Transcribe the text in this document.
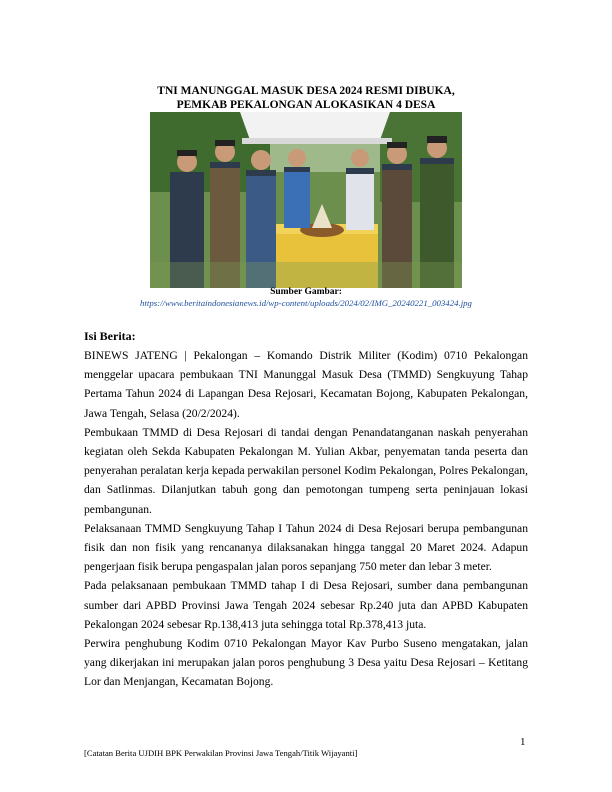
TNI MANUNGGAL MASUK DESA 2024 RESMI DIBUKA,
PEMKAB PEKALONGAN ALOKASIKAN 4 DESA
Sumber Gambar:
https://www.beritaindonesianews.id/wp-content/uploads/2024/02/IMG_20240221_003424.jpg
Isi Berita:

BINEWS JATENG | Pekalongan – Komando Distrik Militer (Kodim) 0710 Pekalongan menggelar upacara pembukaan TNI Manunggal Masuk Desa (TMMD) Sengkuyung Tahap Pertama Tahun 2024 di Lapangan Desa Rejosari, Kecamatan Bojong, Kabupaten Pekalongan, Jawa Tengah, Selasa (20/2/2024).

Pembukaan TMMD di Desa Rejosari di tandai dengan Penandatanganan naskah penyerahan kegiatan oleh Sekda Kabupaten Pekalongan M. Yulian Akbar, penyematan tanda peserta dan penyerahan peralatan kerja kepada perwakilan personel Kodim Pekalongan, Polres Pekalongan, dan Satlinmas. Dilanjutkan tabuh gong dan pemotongan tumpeng serta peninjauan lokasi pembangunan.

Pelaksanaan TMMD Sengkuyung Tahap I Tahun 2024 di Desa Rejosari berupa pembangunan fisik dan non fisik yang rencananya dilaksanakan hingga tanggal 20 Maret 2024. Adapun pengerjaan fisik berupa pengaspalan jalan poros sepanjang 750 meter dan lebar 3 meter.

Pada pelaksanaan pembukaan TMMD tahap I di Desa Rejosari, sumber dana pembangunan sumber dari APBD Provinsi Jawa Tengah 2024 sebesar Rp.240 juta dan APBD Kabupaten Pekalongan 2024 sebesar Rp.138,413 juta sehingga total Rp.378,413 juta.

Perwira penghubung Kodim 0710 Pekalongan Mayor Kav Purbo Suseno mengatakan, jalan yang dikerjakan ini merupakan jalan poros penghubung 3 Desa yaitu Desa Rejosari – Ketitang Lor dan Menjangan, Kecamatan Bojong.

1
[Catatan Berita UJDIH BPK Perwakilan Provinsi Jawa Tengah/Titik Wijayanti]
